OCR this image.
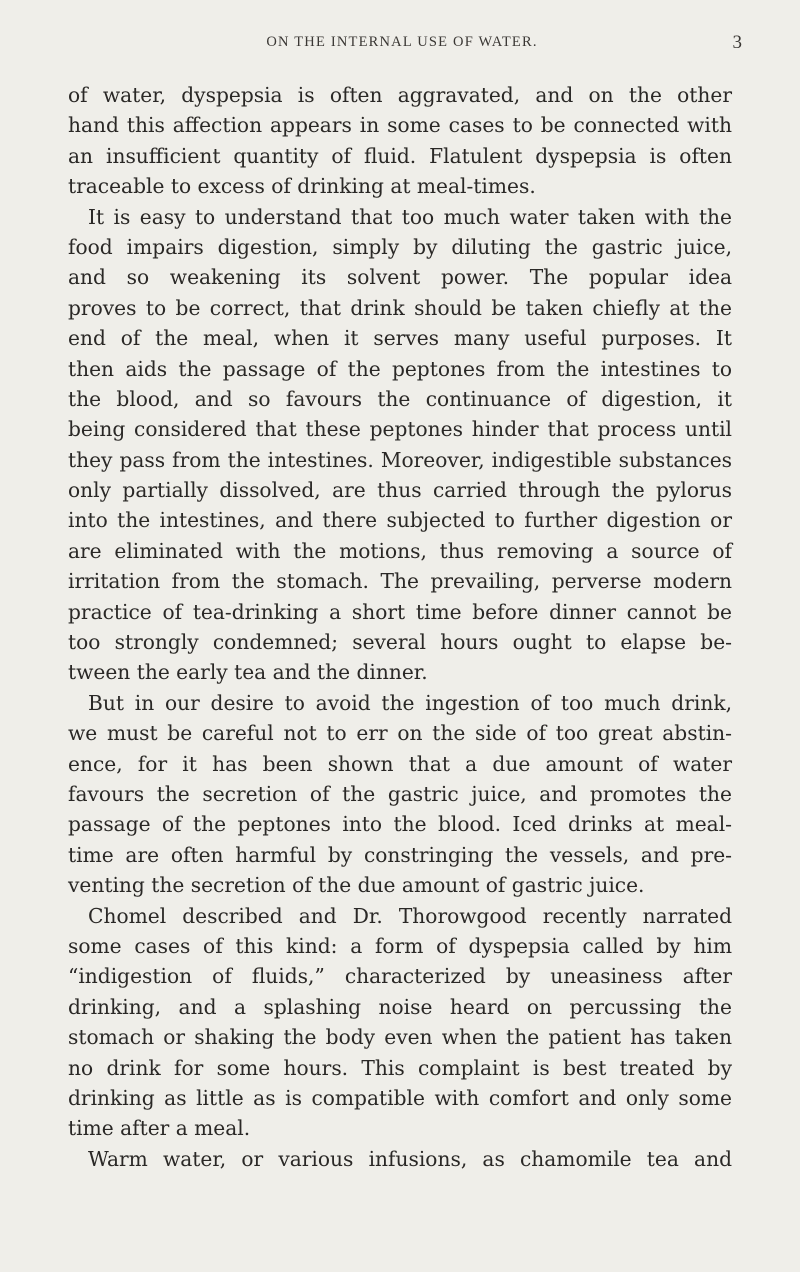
ON THE INTERNAL USE OF WATER.	3
of water, dyspepsia is often aggravated, and on the other
hand this affection appears in some cases to be connected with
an insufficient quantity of fluid. Flatulent dyspepsia is often
traceable to excess of drinking at meal-times.
It is easy to understand that too much water taken with the
food impairs digestion, simply by diluting the gastric juice,
and so weakening its solvent power. The popular idea
proves to be correct, that drink should be taken chiefly at the
end of the meal, when it serves many useful purposes. It
then aids the passage of the peptones from the intestines to
the blood, and so favours the continuance of digestion, it
being considered that these peptones hinder that process until
they pass from the intestines. Moreover, indigestible substances
only partially dissolved, are thus carried through the pylorus
into the intestines, and there subjected to further digestion or
are eliminated with the motions, thus removing a source of
irritation from the stomach. The prevailing, perverse modern
practice of tea-drinking a short time before dinner cannot be
too strongly condemned; several hours ought to elapse be-
tween the early tea and the dinner.
But in our desire to avoid the ingestion of too much drink,
we must be careful not to err on the side of too great abstin-
ence, for it has been shown that a due amount of water
favours the secretion of the gastric juice, and promotes the
passage of the peptones into the blood. Iced drinks at meal-
time are often harmful by constringing the vessels, and pre-
venting the secretion of the due amount of gastric juice.
Chomel described and Dr. Thorowgood recently narrated
some cases of this kind: a form of dyspepsia called by him
“indigestion of fluids,” characterized by uneasiness after
drinking, and a splashing noise heard on percussing the
stomach or shaking the body even when the patient has taken
no drink for some hours. This complaint is best treated by
drinking as little as is compatible with comfort and only some
time after a meal.
Warm water, or various infusions, as chamomile tea and
